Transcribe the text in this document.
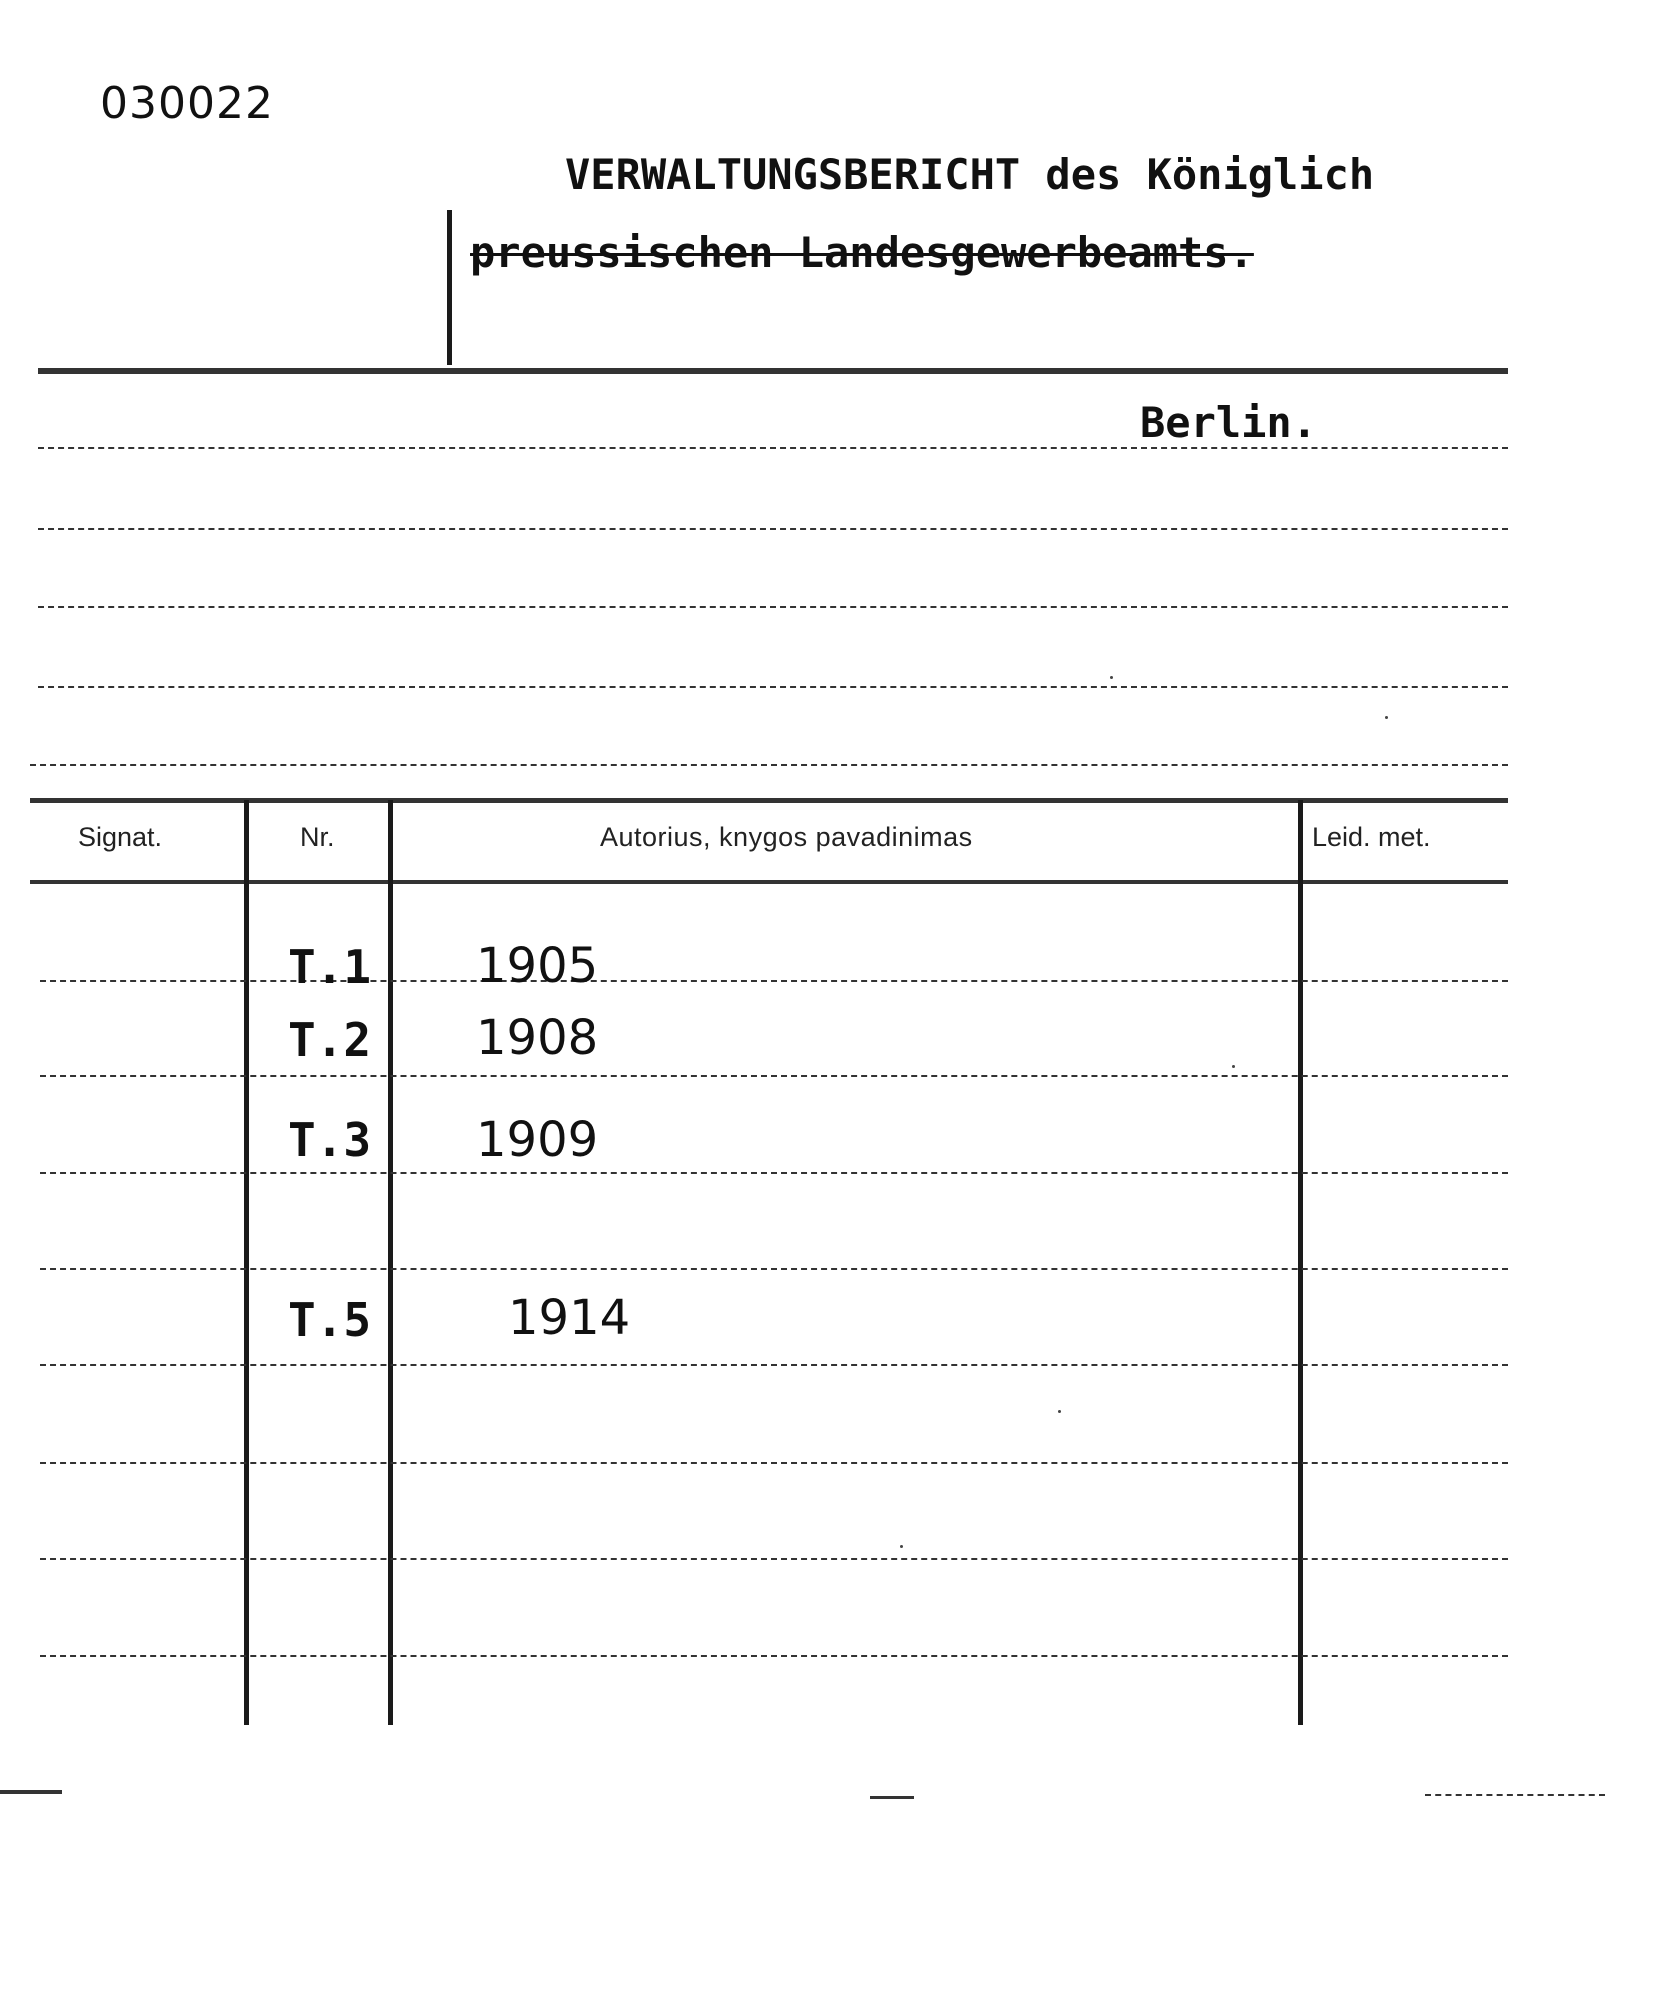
030022
VERWALTUNGSBERICHT des Königlich
preussischen Landesgewerbeamts.
Berlin.
Signat.	Nr.	Autorius, knygos pavadinimas	Leid. met.
T.1 1905
T.2 1908
T.3 1909
T.5	1914
